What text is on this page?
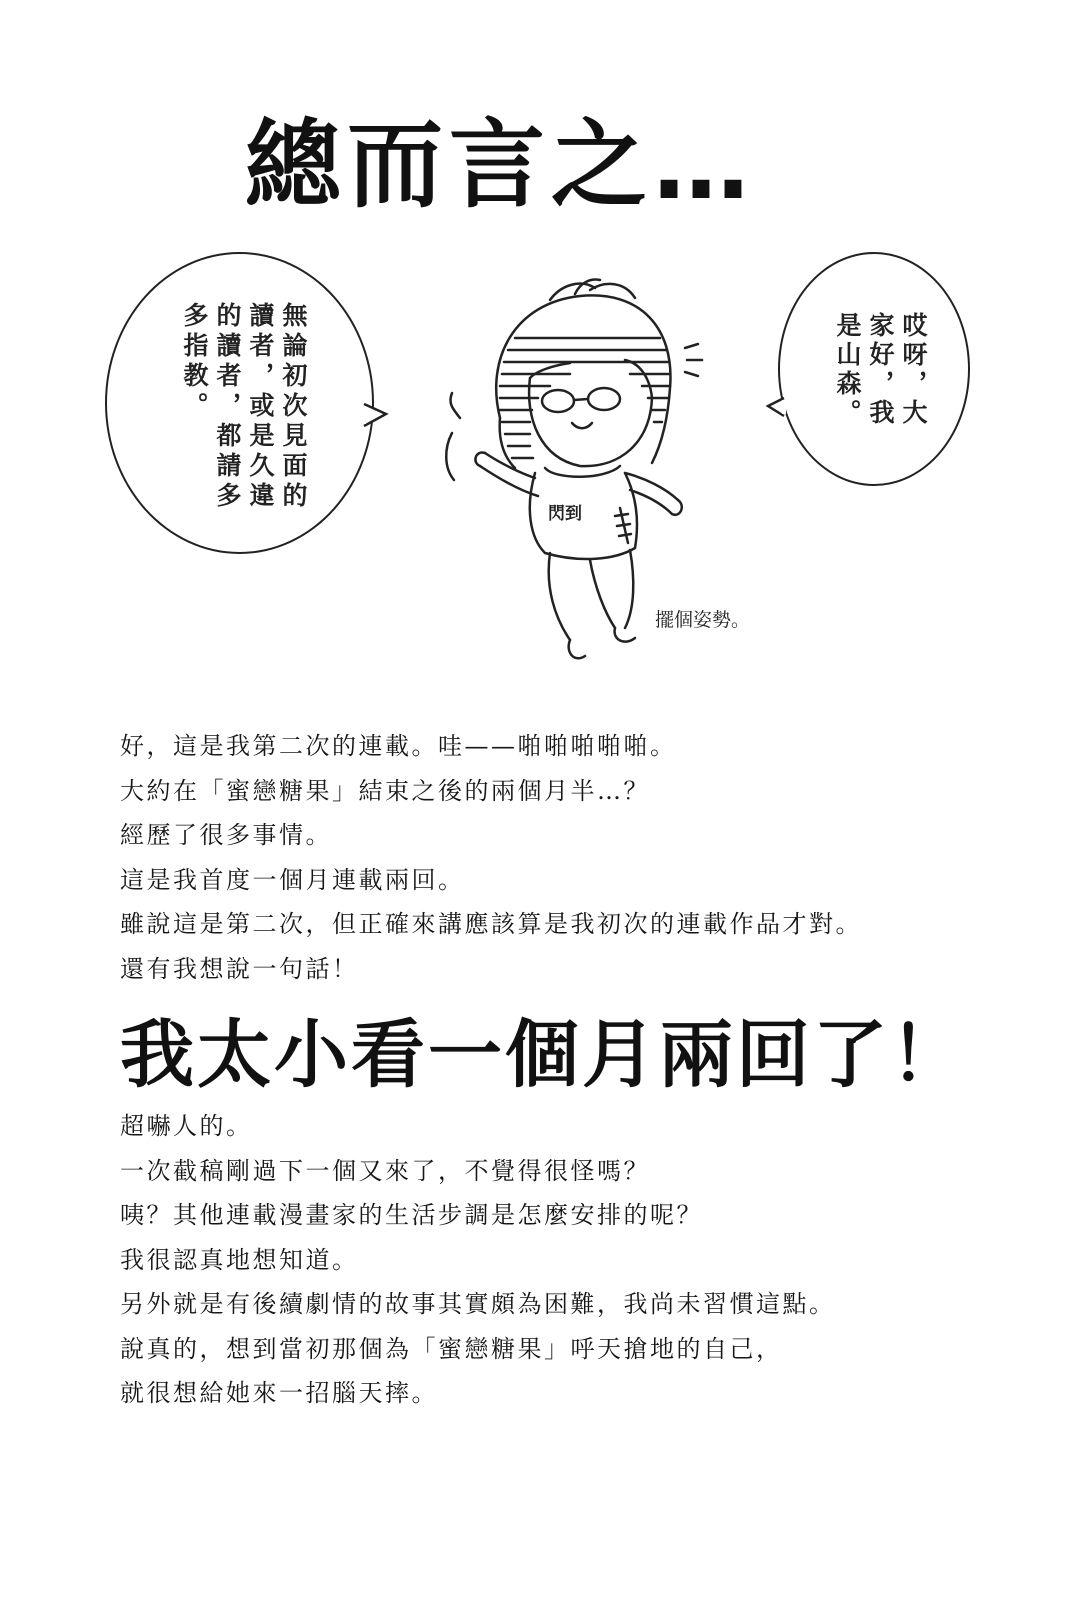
總而言之…
無論初次見面的
讀者，或是久違
的讀者，都請多
多指教。	哎呀，大
家好，我
是山森。
閃到
擺個姿勢。
好，這是我第二次的連載。哇——啪啪啪啪啪。
大約在「蜜戀糖果」結束之後的兩個月半…？
經歷了很多事情。
這是我首度一個月連載兩回。
雖說這是第二次，但正確來講應該算是我初次的連載作品才對。
還有我想說一句話！
我太小看一個月兩回了！
超嚇人的。
一次截稿剛過下一個又來了，不覺得很怪嗎？
咦？其他連載漫畫家的生活步調是怎麼安排的呢？
我很認真地想知道。
另外就是有後續劇情的故事其實頗為困難，我尚未習慣這點。
說真的，想到當初那個為「蜜戀糖果」呼天搶地的自己，
就很想給她來一招腦天摔。
